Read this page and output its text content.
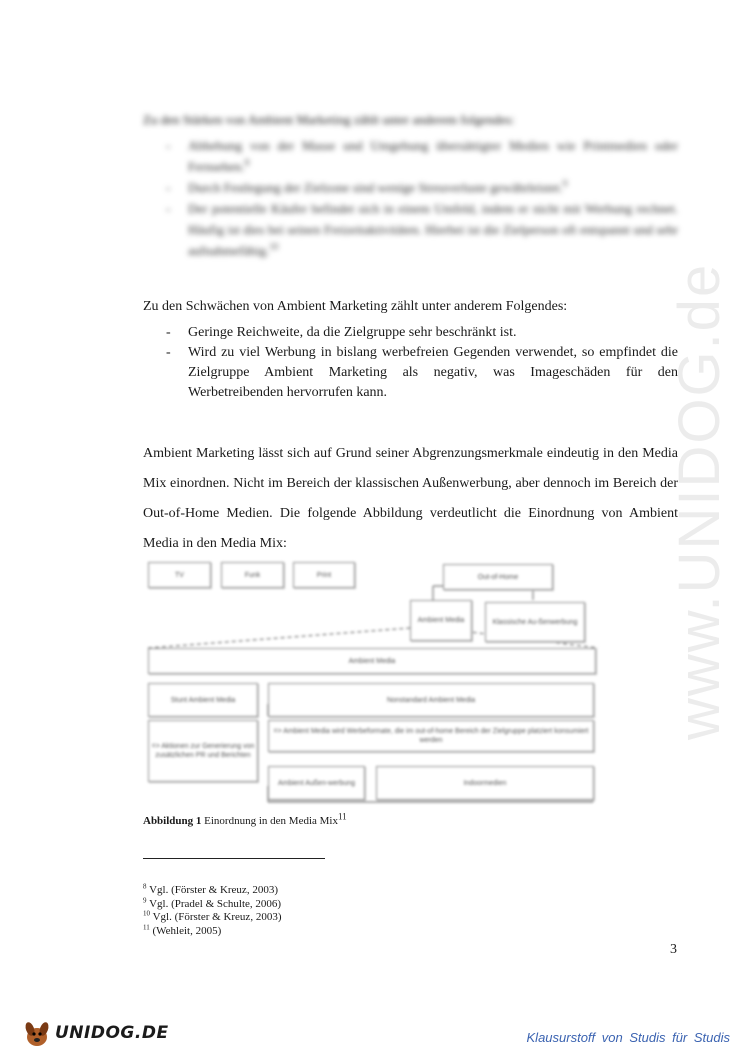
www.UNIDOG.de

Zu den Stärken von Ambient Marketing zählt unter anderem folgendes:

- Abhebung von der Masse und Umgebung übersättigter Medien wie Printmedien oder Fernsehen.$^8$
- Durch Festlegung der Zielzone sind wenige Streuverluste gewährleistet.$^9$
- Der potentielle Käufer befindet sich in einem Umfeld, indem er nicht mit Werbung rechnet. Häufig ist dies bei seinen Freizeitaktivitäten. Hierbei ist die Zielperson oft entspannt und sehr aufnahmefähig.$^{10}$

Zu den Schwächen von Ambient Marketing zählt unter anderem Folgendes:

- Geringe Reichweite, da die Zielgruppe sehr beschränkt ist.
- Wird zu viel Werbung in bislang werbefreien Gegenden verwendet, so empfindet die Zielgruppe Ambient Marketing als negativ, was Imageschäden für den Werbetreibenden hervorrufen kann.

Ambient Marketing lässt sich auf Grund seiner Abgrenzungsmerkmale eindeutig in den Media Mix einordnen. Nicht im Bereich der klassischen Außenwerbung, aber dennoch im Bereich der Out-of-Home Medien. Die folgende Abbildung verdeutlicht die Einordnung von Ambient Media in den Media Mix:

TV	Funk	Print	Out-of-Home
Ambient Media	Klassische Au-ßenwerbung
Ambient Media
Stunt Ambient Media	Nonstandard Ambient Media
=> Aktionen zur Generierung von zusätzlichen PR und Berichten
=> Ambient Media wird Werbeformate, die im out-of-home Bereich der Zielgruppe platziert konsumiert werden
Ambient Außen-werbung	Indoormedien
Abbildung 1 Einordnung in den Media Mix$^{11}$
$^8$ Vgl. (Förster & Kreuz, 2003)
$^9$ Vgl. (Pradel & Schulte, 2006)
$^{10}$ Vgl. (Förster & Kreuz, 2003)
$^{11}$ (Wehleit, 2005)
3
UNIDOG.DE	Klausurstoff von Studis für Studis
